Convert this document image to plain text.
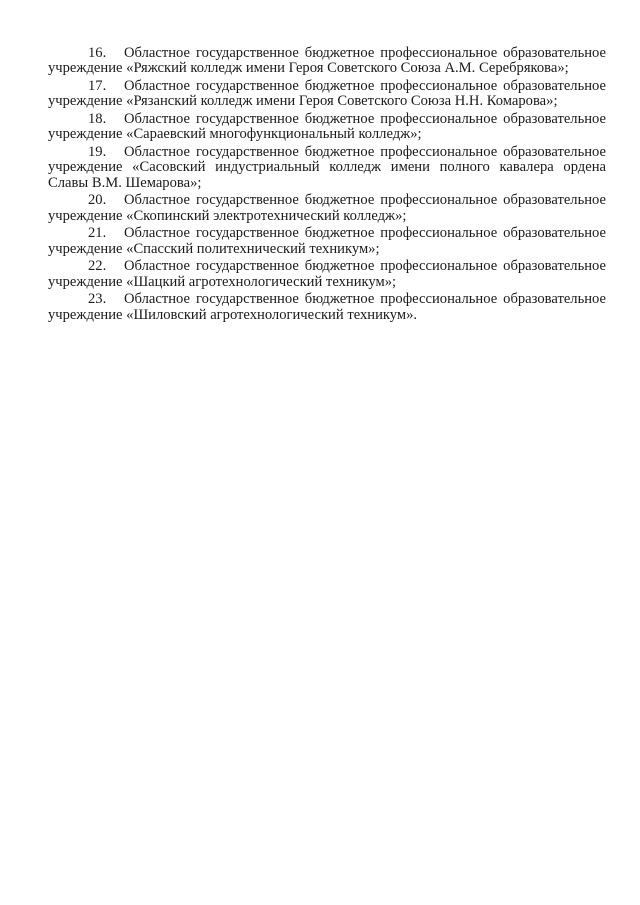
16. Областное государственное бюджетное профессиональное образовательное учреждение «Ряжский колледж имени Героя Советского Союза А.М. Серебрякова»;

17. Областное государственное бюджетное профессиональное образовательное учреждение «Рязанский колледж имени Героя Советского Союза Н.Н. Комарова»;

18. Областное государственное бюджетное профессиональное образовательное учреждение «Сараевский многофункциональный колледж»;

19. Областное государственное бюджетное профессиональное образовательное учреждение «Сасовский индустриальный колледж имени полного кавалера ордена Славы В.М. Шемарова»;

20. Областное государственное бюджетное профессиональное образовательное учреждение «Скопинский электротехнический колледж»;

21. Областное государственное бюджетное профессиональное образовательное учреждение «Спасский политехнический техникум»;

22. Областное государственное бюджетное профессиональное образовательное учреждение «Шацкий агротехнологический техникум»;

23. Областное государственное бюджетное профессиональное образовательное учреждение «Шиловский агротехнологический техникум».
